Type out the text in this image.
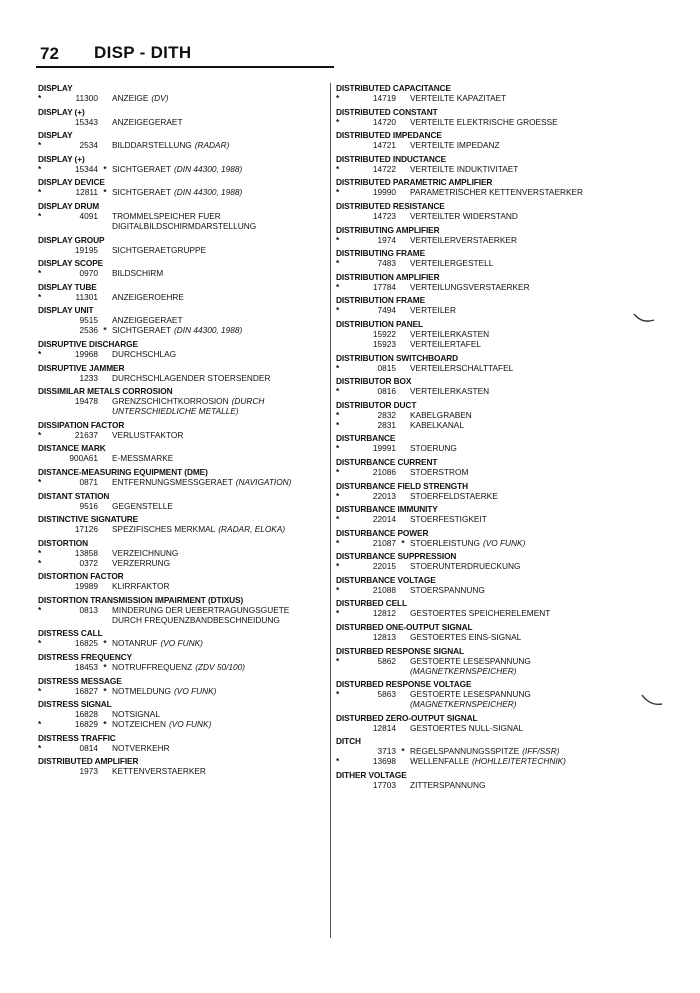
72 DISP - DITH
DISPLAY
*	11300 ANZEIGE (DV)
DISPLAY (+)
15343 ANZEIGEGERAET
DISPLAY
*	2534 BILDDARSTELLUNG (RADAR)
DISPLAY (+)
*	15344 * SICHTGERAET (DIN 44300, 1988)
DISPLAY DEVICE
*	12811 * SICHTGERAET (DIN 44300, 1988)
DISPLAY DRUM
*	4091 TROMMELSPEICHER FUER
DIGITALBILDSCHIRMDARSTELLUNG
DISPLAY GROUP
19195 SICHTGERAETGRUPPE
DISPLAY SCOPE
*	0970 BILDSCHIRM
DISPLAY TUBE
*	11301 ANZEIGEROEHRE
DISPLAY UNIT
9515 ANZEIGEGERAET
2536 * SICHTGERAET (DIN 44300, 1988)
DISRUPTIVE DISCHARGE
*	19968 DURCHSCHLAG
DISRUPTIVE JAMMER
1233 DURCHSCHLAGENDER STOERSENDER
DISSIMILAR METALS CORROSION
19478 GRENZSCHICHTKORROSION (DURCH
UNTERSCHIEDLICHE METALLE)
DISSIPATION FACTOR
*	21637 VERLUSTFAKTOR
DISTANCE MARK
900A61 E-MESSMARKE
DISTANCE-MEASURING EQUIPMENT (DME)
*	0871 ENTFERNUNGSMESSGERAET (NAVIGATION)
DISTANT STATION
9516 GEGENSTELLE
DISTINCTIVE SIGNATURE
17126 SPEZIFISCHES MERKMAL (RADAR, ELOKA)
DISTORTION
*	13858 VERZEICHNUNG
*	0372 VERZERRUNG
DISTORTION FACTOR
19989 KLIRRFAKTOR
DISTORTION TRANSMISSION IMPAIRMENT (DTIXUS)
*	0813 MINDERUNG DER UEBERTRAGUNGSGUETE
DURCH FREQUENZBANDBESCHNEIDUNG
DISTRESS CALL
*	16825 * NOTANRUF (VO FUNK)
DISTRESS FREQUENCY
18453 * NOTRUFFREQUENZ (ZDV 50/100)
DISTRESS MESSAGE
*	16827 * NOTMELDUNG (VO FUNK)
DISTRESS SIGNAL
16828 NOTSIGNAL
*	16829 * NOTZEICHEN (VO FUNK)
DISTRESS TRAFFIC
*	0814 NOTVERKEHR
DISTRIBUTED AMPLIFIER
1973 KETTENVERSTAERKER
DISTRIBUTED CAPACITANCE
*	14719 VERTEILTE KAPAZITAET
DISTRIBUTED CONSTANT
*	14720 VERTEILTE ELEKTRISCHE GROESSE
DISTRIBUTED IMPEDANCE
14721 VERTEILTE IMPEDANZ
DISTRIBUTED INDUCTANCE
*	14722 VERTEILTE INDUKTIVITAET
DISTRIBUTED PARAMETRIC AMPLIFIER
*	19990 PARAMETRISCHER KETTENVERSTAERKER
DISTRIBUTED RESISTANCE
14723 VERTEILTER WIDERSTAND
DISTRIBUTING AMPLIFIER
*	1974 VERTEILERVERSTAERKER
DISTRIBUTING FRAME
*	7483 VERTEILERGESTELL
DISTRIBUTION AMPLIFIER
*	17784 VERTEILUNGSVERSTAERKER
DISTRIBUTION FRAME
*	7494 VERTEILER
DISTRIBUTION PANEL
15922 VERTEILERKASTEN
15923 VERTEILERTAFEL
DISTRIBUTION SWITCHBOARD
*	0815 VERTEILERSCHALTTAFEL
DISTRIBUTOR BOX
*	0816 VERTEILERKASTEN
DISTRIBUTOR DUCT
*	2832 KABELGRABEN
*	2831 KABELKANAL
DISTURBANCE
*	19991 STOERUNG
DISTURBANCE CURRENT
*	21086 STOERSTROM
DISTURBANCE FIELD STRENGTH
*	22013 STOERFELDSTAERKE
DISTURBANCE IMMUNITY
*	22014 STOERFESTIGKEIT
DISTURBANCE POWER
*	21087 * STOERLEISTUNG (VO FUNK)
DISTURBANCE SUPPRESSION
*	22015 STOERUNTERDRUECKUNG
DISTURBANCE VOLTAGE
*	21088 STOERSPANNUNG
DISTURBED CELL
*	12812 GESTOERTES SPEICHERELEMENT
DISTURBED ONE-OUTPUT SIGNAL
12813 GESTOERTES EINS-SIGNAL
DISTURBED RESPONSE SIGNAL
*	5862 GESTOERTE LESESPANNUNG
(MAGNETKERNSPEICHER)
DISTURBED RESPONSE VOLTAGE
*	5863 GESTOERTE LESESPANNUNG
(MAGNETKERNSPEICHER)
DISTURBED ZERO-OUTPUT SIGNAL
12814 GESTOERTES NULL-SIGNAL
DITCH
3713 * REGELSPANNUNGSSPITZE (IFF/SSR)
*	13698 WELLENFALLE (HOHLLEITERTECHNIK)
DITHER VOLTAGE
17703 ZITTERSPANNUNG
